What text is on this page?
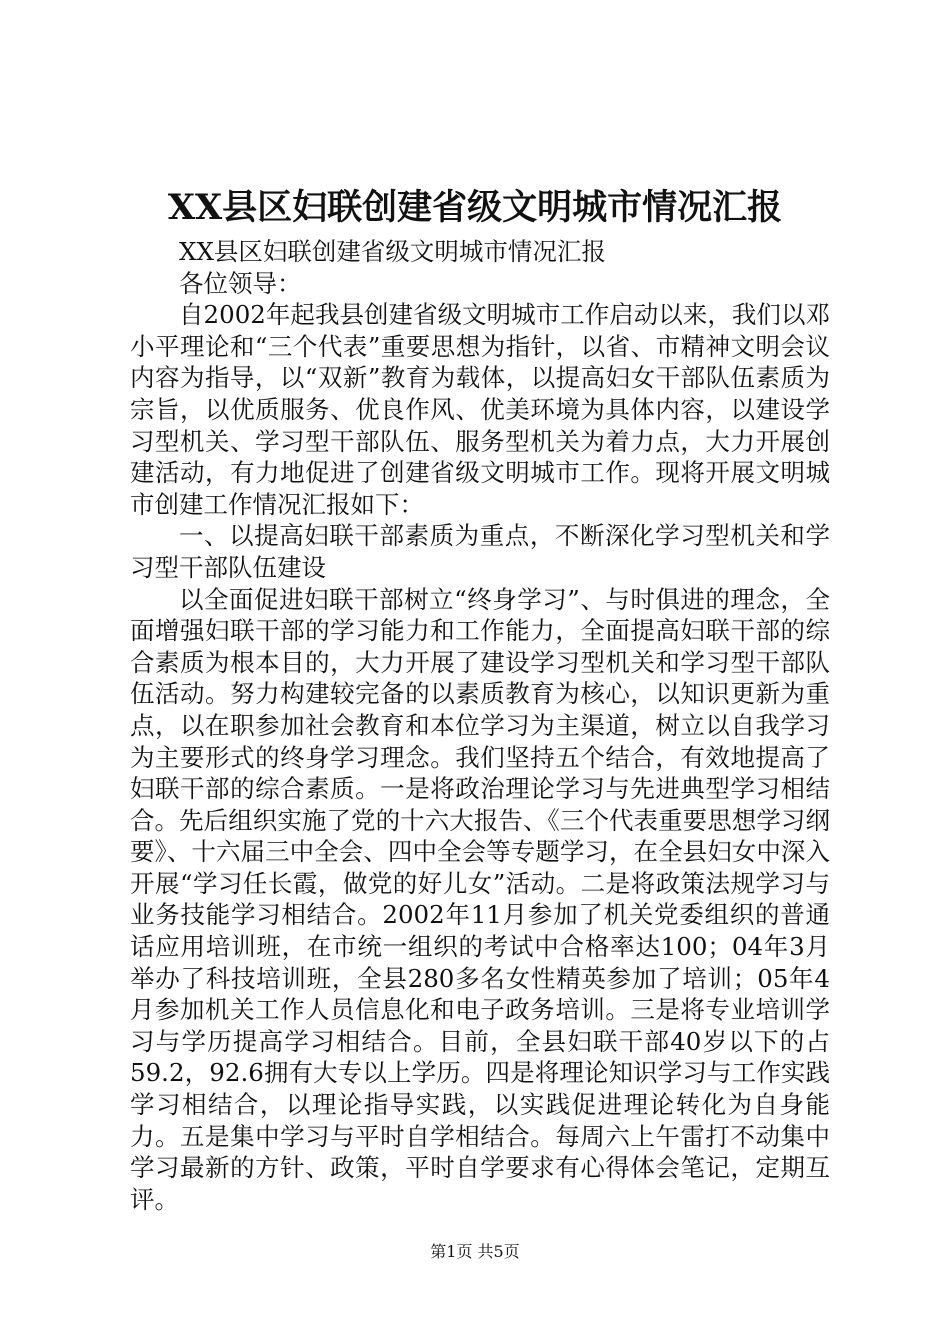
XX县区妇联创建省级文明城市情况汇报

XX县区妇联创建省级文明城市情况汇报

各位领导：

自2002年起我县创建省级文明城市工作启动以来，我们以邓小平理论和“三个代表”重要思想为指针，以省、市精神文明会议内容为指导，以“双新”教育为载体，以提高妇女干部队伍素质为宗旨，以优质服务、优良作风、优美环境为具体内容，以建设学习型机关、学习型干部队伍、服务型机关为着力点，大力开展创建活动，有力地促进了创建省级文明城市工作。现将开展文明城市创建工作情况汇报如下：

一、以提高妇联干部素质为重点，不断深化学习型机关和学习型干部队伍建设

以全面促进妇联干部树立“终身学习”、与时俱进的理念，全面增强妇联干部的学习能力和工作能力，全面提高妇联干部的综合素质为根本目的，大力开展了建设学习型机关和学习型干部队伍活动。努力构建较完备的以素质教育为核心，以知识更新为重点，以在职参加社会教育和本位学习为主渠道，树立以自我学习为主要形式的终身学习理念。我们坚持五个结合，有效地提高了妇联干部的综合素质。一是将政治理论学习与先进典型学习相结合。先后组织实施了党的十六大报告、《三个代表重要思想学习纲要》、十六届三中全会、四中全会等专题学习，在全县妇女中深入开展“学习任长霞，做党的好儿女”活动。二是将政策法规学习与业务技能学习相结合。2002年11月参加了机关党委组织的普通话应用培训班，在市统一组织的考试中合格率达100；04年3月举办了科技培训班，全县280多名女性精英参加了培训；05年4月参加机关工作人员信息化和电子政务培训。三是将专业培训学习与学历提高学习相结合。目前，全县妇联干部40岁以下的占59.2，92.6拥有大专以上学历。四是将理论知识学习与工作实践学习相结合，以理论指导实践，以实践促进理论转化为自身能力。五是集中学习与平时自学相结合。每周六上午雷打不动集中学习最新的方针、政策，平时自学要求有心得体会笔记，定期互评。

第1页 共5页
